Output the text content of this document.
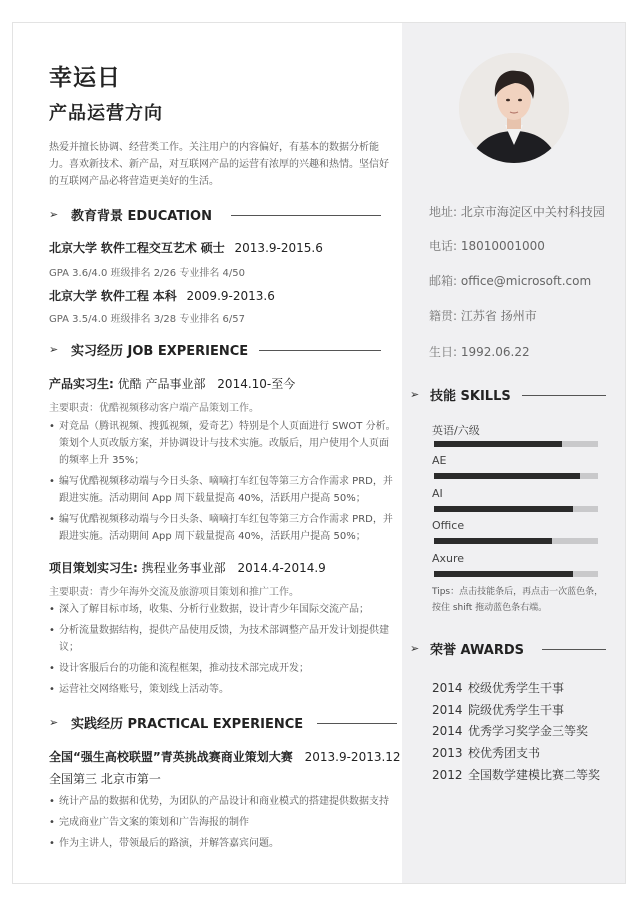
地址: 北京市海淀区中关村科技园
电话: 18010001000
邮箱: office@microsoft.com
籍贯: 江苏省 扬州市
生日: 1992.06.22
➢ 技能 SKILLS
英语/六级
AE
AI
Office
Axure
Tips：点击技能条后，再点击一次蓝色条，按住 shift 拖动蓝色条右端。
➢ 荣誉 AWARDS
2014 校级优秀学生干事
2014 院级优秀学生干事
2014 优秀学习奖学金三等奖
2013 校优秀团支书
2012 全国数学建模比赛二等奖
幸运日
产品运营方向
热爱并擅长协调、经营类工作。关注用户的内容偏好，有基本的数据分析能力。喜欢新技术、新产品，对互联网产品的运营有浓厚的兴趣和热情。坚信好的互联网产品必将营造更美好的生活。
➢ 教育背景 EDUCATION
北京大学 软件工程交互艺术 硕士 2013.9-2015.6
GPA 3.6/4.0 班级排名 2/26 专业排名 4/50
北京大学 软件工程 本科 2009.9-2013.6
GPA 3.5/4.0 班级排名 3/28 专业排名 6/57
➢ 实习经历 JOB EXPERIENCE
产品实习生: 优酷 产品事业部 2014.10-至今
主要职责：优酷视频移动客户端产品策划工作。
• 对竞品（腾讯视频、搜狐视频，爱奇艺）特别是个人页面进行 SWOT 分析。策划个人页改版方案，并协调设计与技术实施。改版后，用户使用个人页面的频率上升 35%；
• 编写优酷视频移动端与今日头条、嘀嘀打车红包等第三方合作需求 PRD，并跟进实施。活动期间 App 周下载量提高 40%，活跃用户提高 50%；
• 编写优酷视频移动端与今日头条、嘀嘀打车红包等第三方合作需求 PRD，并跟进实施。活动期间 App 周下载量提高 40%，活跃用户提高 50%；
项目策划实习生: 携程业务事业部 2014.4-2014.9
主要职责：青少年海外交流及旅游项目策划和推广工作。
• 深入了解目标市场，收集、分析行业数据，设计青少年国际交流产品；
• 分析流量数据结构，提供产品使用反馈，为技术部调整产品开发计划提供建议；
• 设计客服后台的功能和流程框架，推动技术部完成开发；
• 运营社交网络账号，策划线上活动等。
➢ 实践经历 PRACTICAL EXPERIENCE
全国“强生高校联盟”青英挑战赛商业策划大赛 2013.9-2013.12
全国第三 北京市第一
• 统计产品的数据和优势，为团队的产品设计和商业模式的搭建提供数据支持
• 完成商业广告文案的策划和广告海报的制作
• 作为主讲人，带领最后的路演，并解答嘉宾问题。
